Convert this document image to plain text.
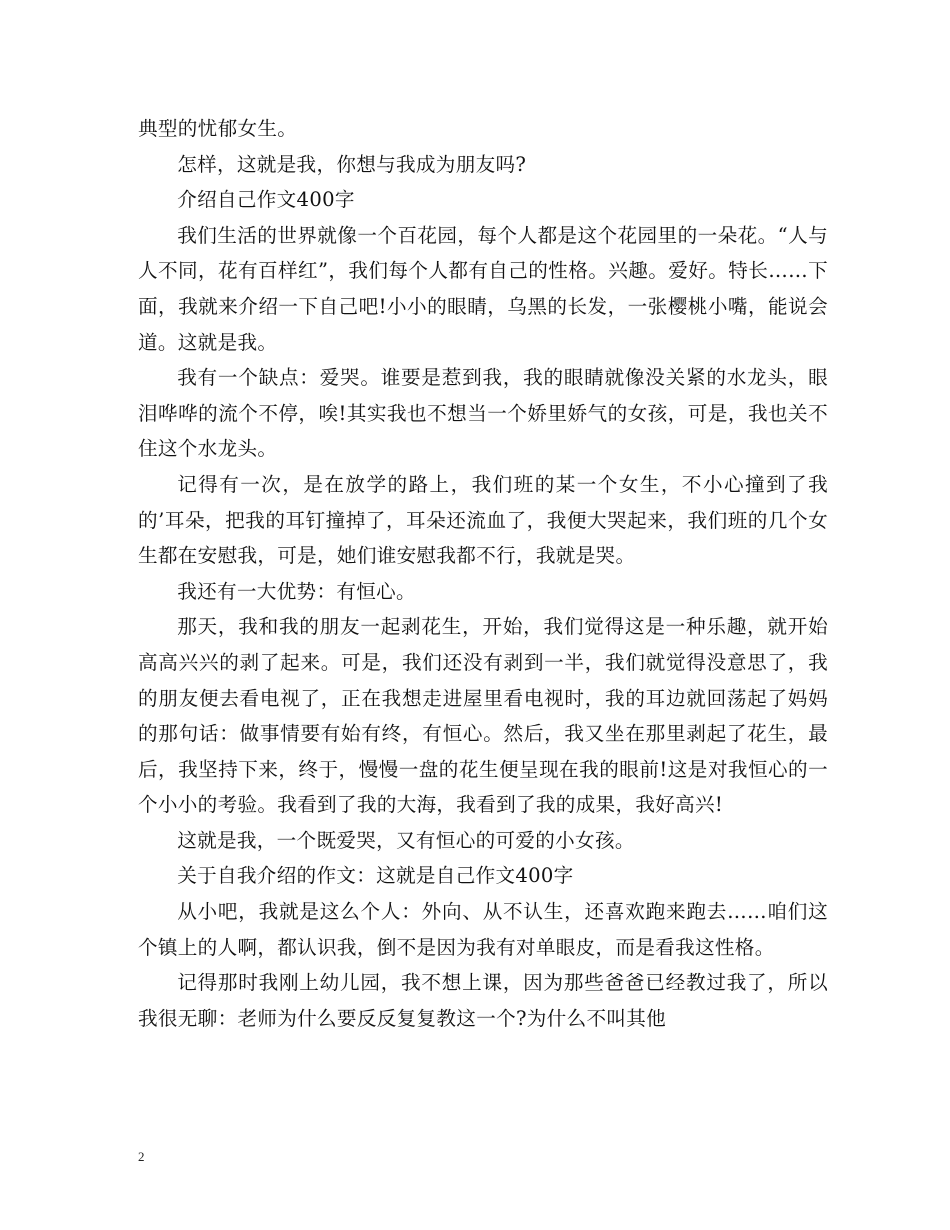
典型的忧郁女生。

怎样，这就是我，你想与我成为朋友吗?

介绍自己作文400字

我们生活的世界就像一个百花园，每个人都是这个花园里的一朵花。“人与人不同，花有百样红”，我们每个人都有自己的性格。兴趣。爱好。特长……下面，我就来介绍一下自己吧!小小的眼睛，乌黑的长发，一张樱桃小嘴，能说会道。这就是我。

我有一个缺点：爱哭。谁要是惹到我，我的眼睛就像没关紧的水龙头，眼泪哗哗的流个不停，唉!其实我也不想当一个娇里娇气的女孩，可是，我也关不住这个水龙头。

记得有一次，是在放学的路上，我们班的某一个女生，不小心撞到了我的’耳朵，把我的耳钉撞掉了，耳朵还流血了，我便大哭起来，我们班的几个女生都在安慰我，可是，她们谁安慰我都不行，我就是哭。

我还有一大优势：有恒心。

那天，我和我的朋友一起剥花生，开始，我们觉得这是一种乐趣，就开始高高兴兴的剥了起来。可是，我们还没有剥到一半，我们就觉得没意思了，我的朋友便去看电视了，正在我想走进屋里看电视时，我的耳边就回荡起了妈妈的那句话：做事情要有始有终，有恒心。然后，我又坐在那里剥起了花生，最后，我坚持下来，终于，慢慢一盘的花生便呈现在我的眼前!这是对我恒心的一个小小的考验。我看到了我的大海，我看到了我的成果，我好高兴!

这就是我，一个既爱哭，又有恒心的可爱的小女孩。

关于自我介绍的作文：这就是自己作文400字

从小吧，我就是这么个人：外向、从不认生，还喜欢跑来跑去……咱们这个镇上的人啊，都认识我，倒不是因为我有对单眼皮，而是看我这性格。

记得那时我刚上幼儿园，我不想上课，因为那些爸爸已经教过我了，所以我很无聊：老师为什么要反反复复教这一个?为什么不叫其他

2
